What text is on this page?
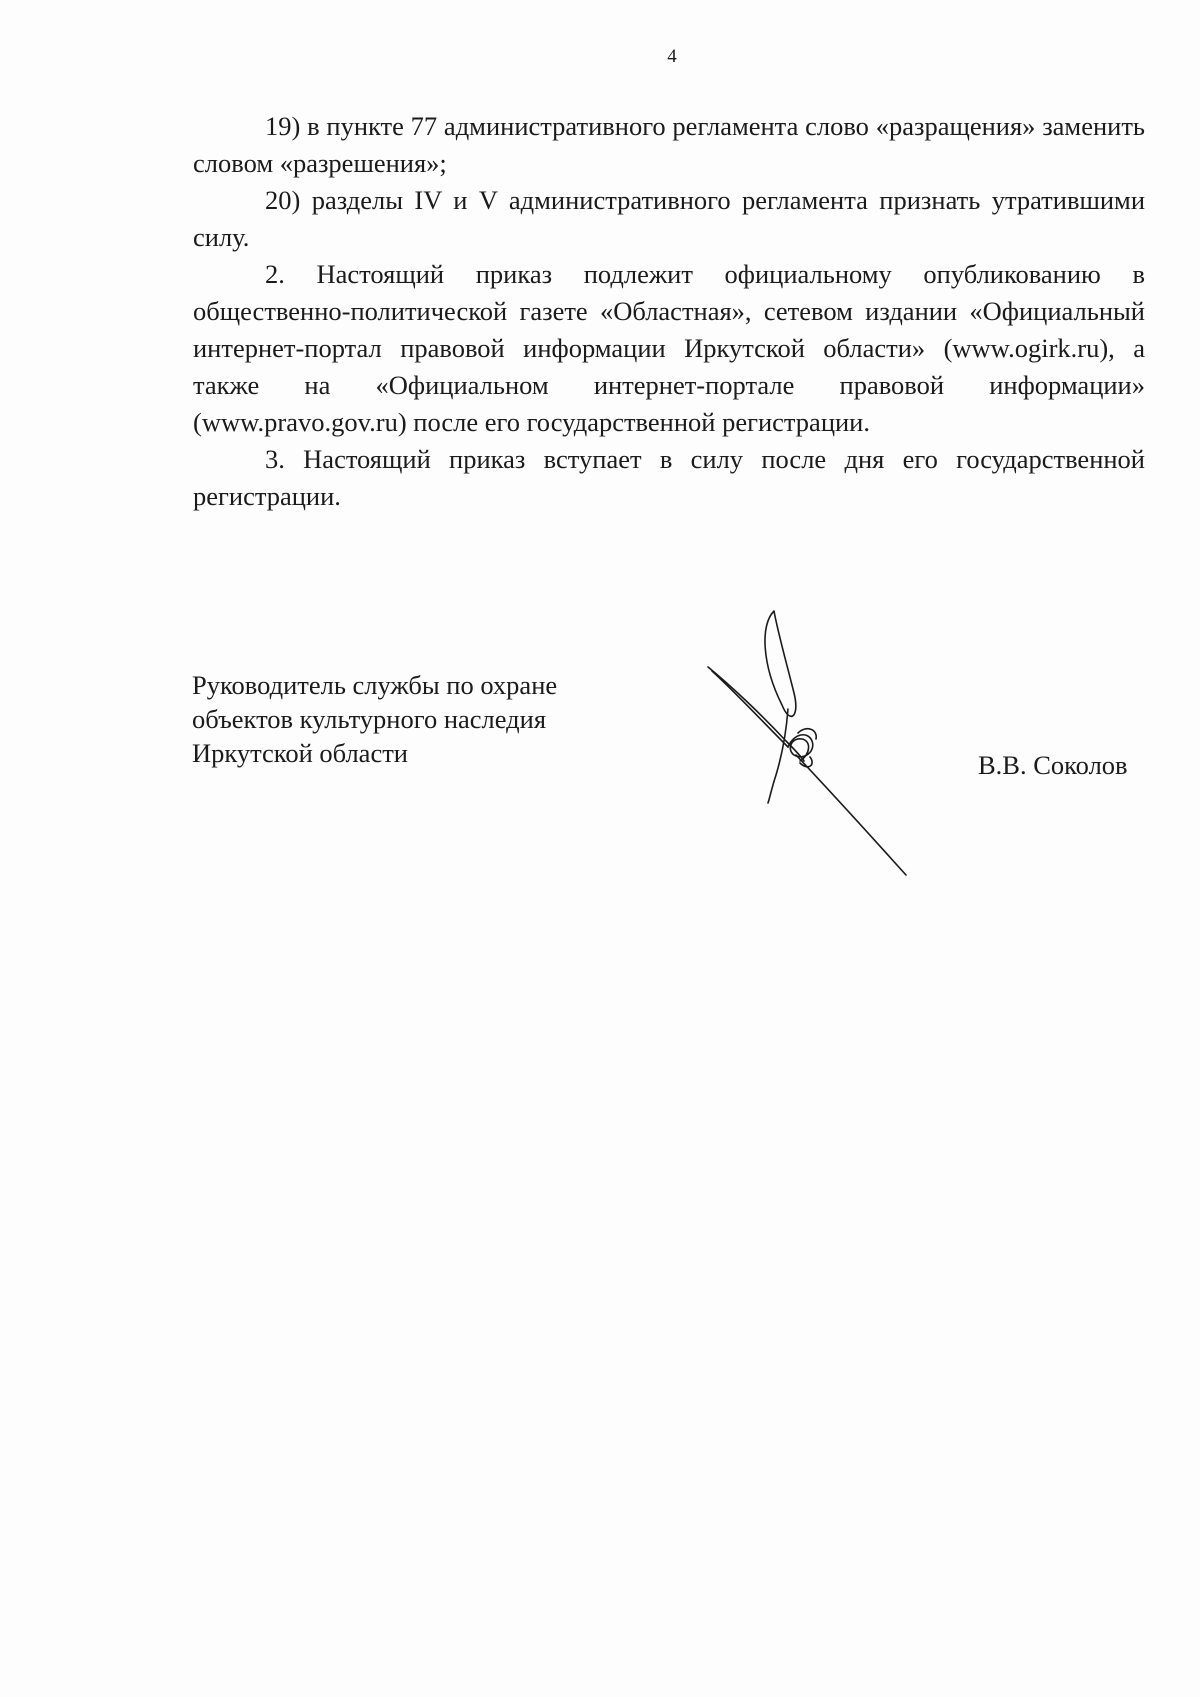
4

19) в пункте 77 административного регламента слово «разращения» заменить словом «разрешения»;

20) разделы IV и V административного регламента признать утратившими силу.

2. Настоящий приказ подлежит официальному опубликованию в общественно-политической газете «Областная», сетевом издании «Официальный интернет-портал правовой информации Иркутской области» (www.ogirk.ru), а также на «Официальном интернет-портале правовой информации» (www.pravo.gov.ru) после его государственной регистрации.

3. Настоящий приказ вступает в силу после дня его государственной регистрации.

Руководитель службы по охране
объектов культурного наследия
Иркутской области	В.В. Соколов
